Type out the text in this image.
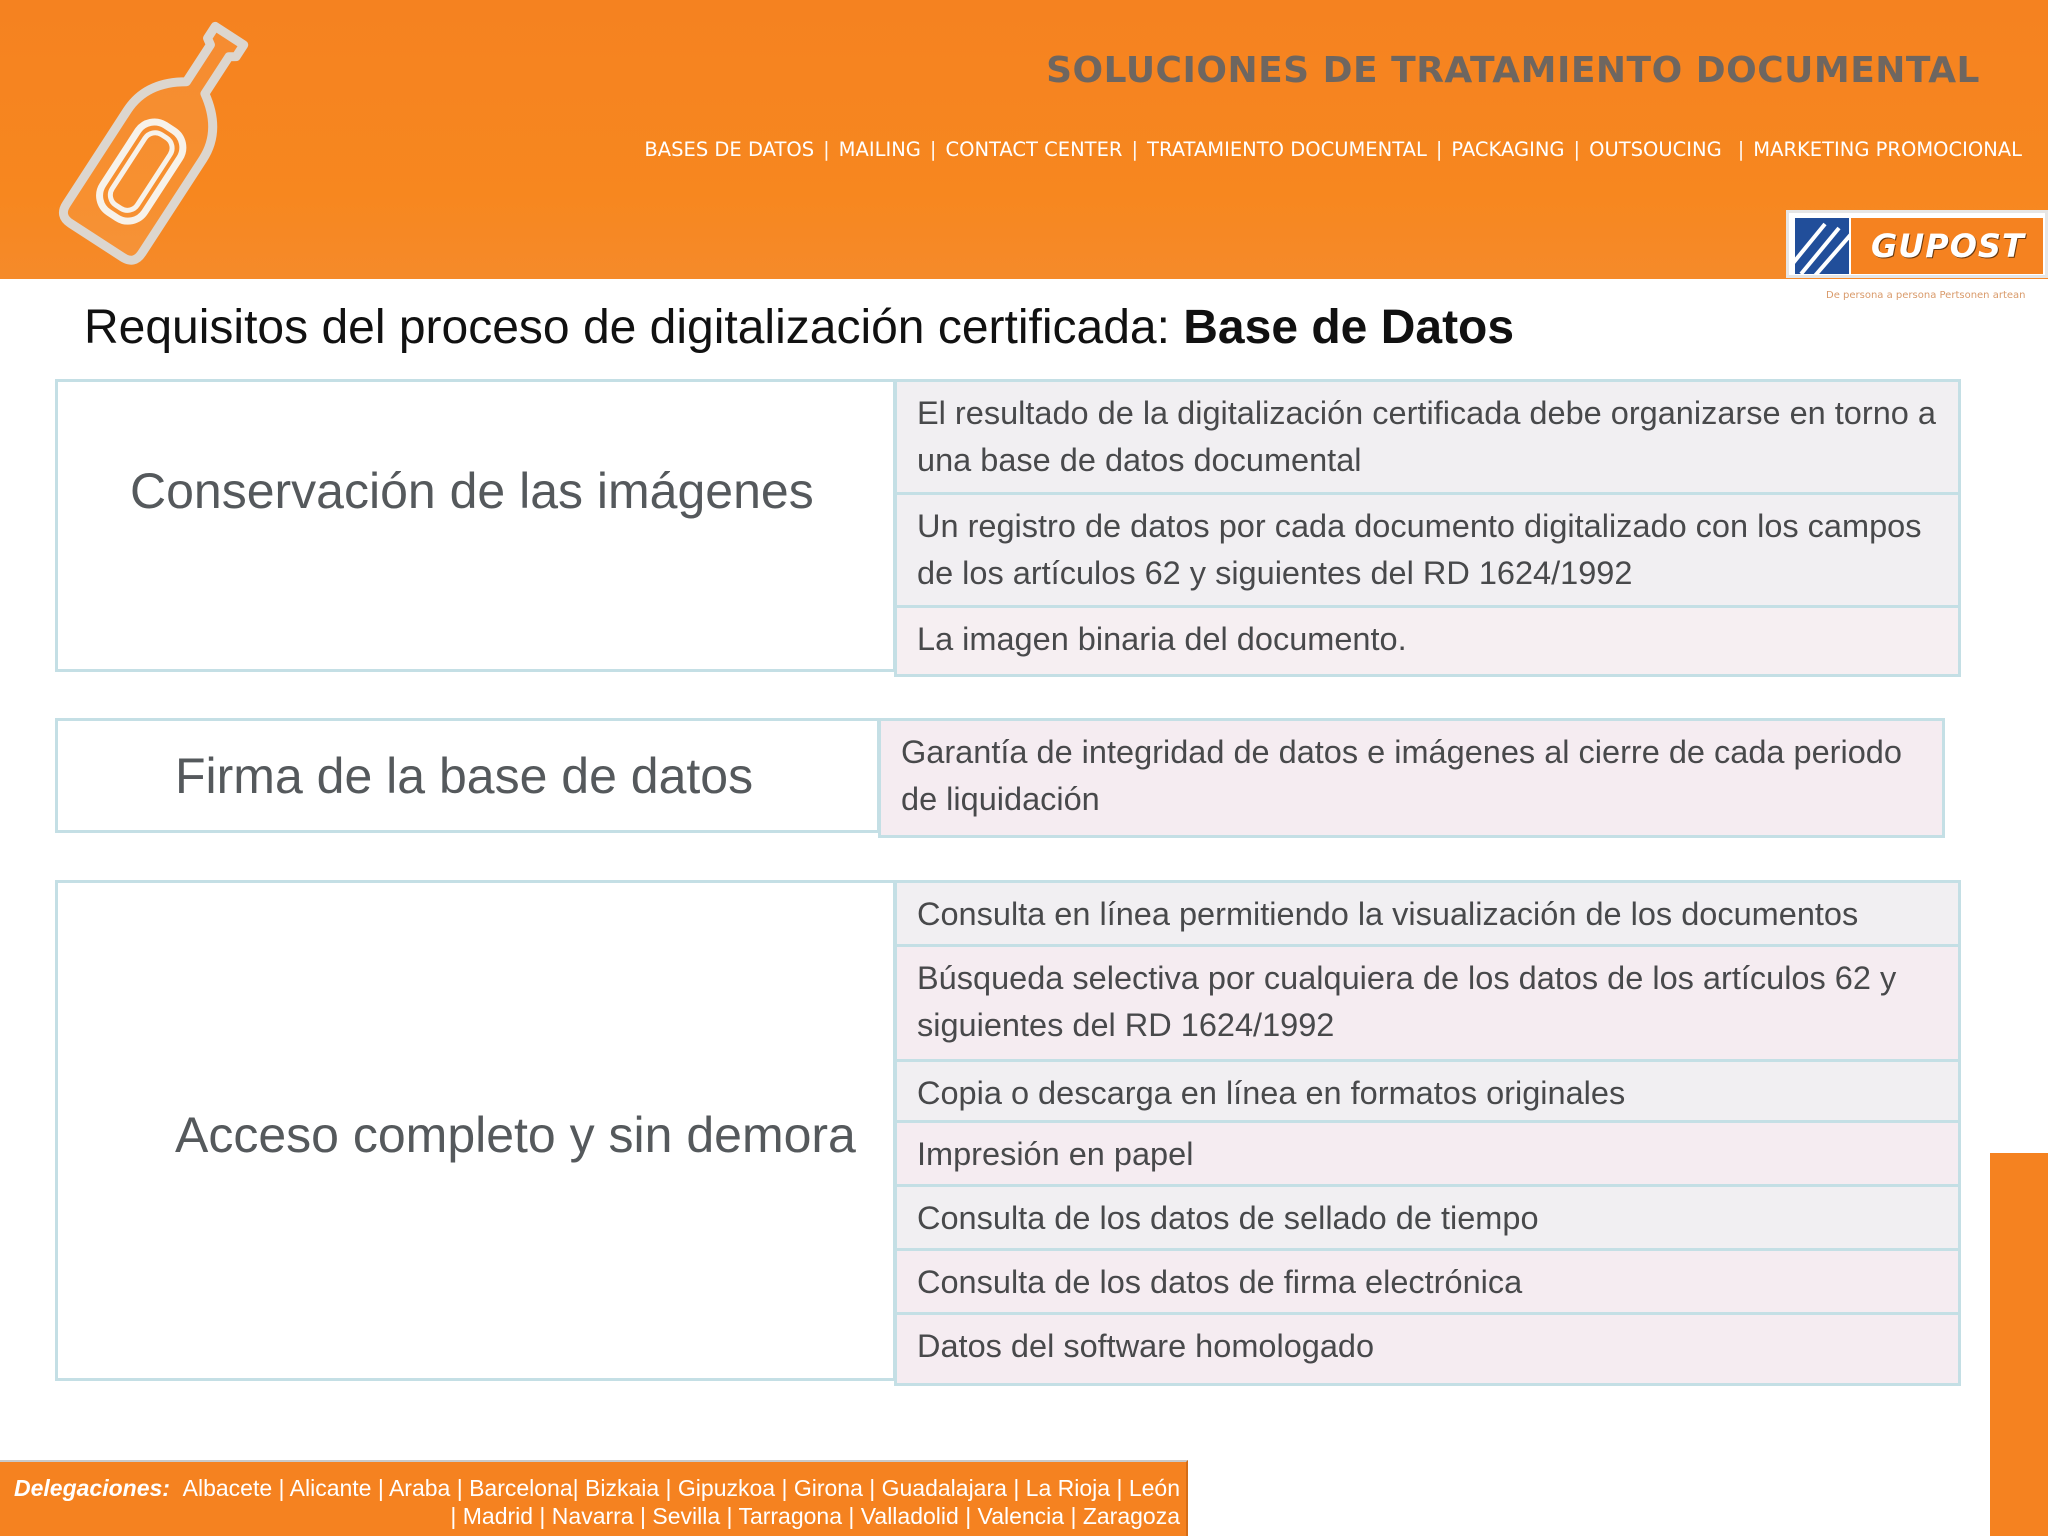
SOLUCIONES DE TRATAMIENTO DOCUMENTAL
BASES DE DATOS | MAILING | CONTACT CENTER | TRATAMIENTO DOCUMENTAL | PACKAGING | OUTSOUCING | MARKETING PROMOCIONAL
GUPOST
De persona a persona Pertsonen artean
Requisitos del proceso de digitalización certificada: Base de Datos
Conservación de las imágenes
El resultado de la digitalización certificada debe organizarse en torno a una base de datos documental
Un registro de datos por cada documento digitalizado con los campos de los artículos 62 y siguientes del RD 1624/1992
La imagen binaria del documento.
Firma de la base de datos	Garantía de integridad de datos e imágenes al cierre de cada periodo de liquidación
Acceso completo y sin demora
Consulta en línea permitiendo la visualización de los documentos
Búsqueda selectiva por cualquiera de los datos de los artículos 62 y siguientes del RD 1624/1992
Copia o descarga en línea en formatos originales
Impresión en papel
Consulta de los datos de sellado de tiempo
Consulta de los datos de firma electrónica
Datos del software homologado
Delegaciones: Albacete | Alicante | Araba | Barcelona| Bizkaia | Gipuzkoa | Girona | Guadalajara | La Rioja | León
| Madrid | Navarra | Sevilla | Tarragona | Valladolid | Valencia | Zaragoza
